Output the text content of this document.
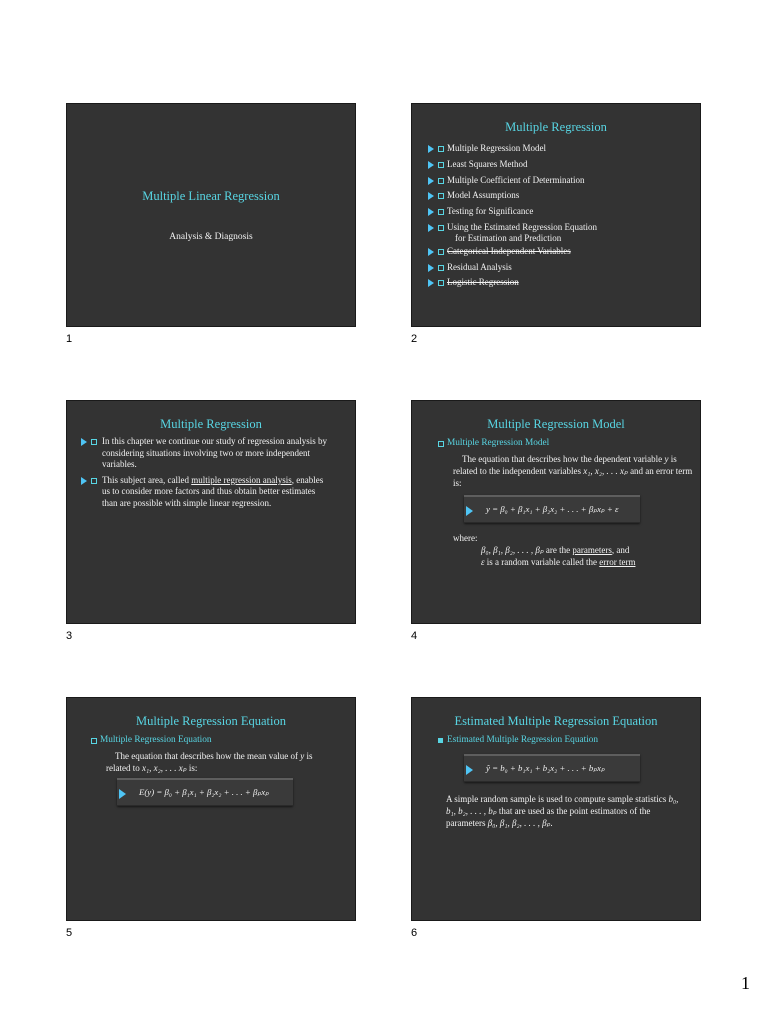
Multiple Linear Regression
Analysis & Diagnosis
1
Multiple Regression
Multiple Regression Model
Least Squares Method
Multiple Coefficient of Determination
Model Assumptions
Testing for Significance
Using the Estimated Regression Equation
for Estimation and Prediction
Categorical Independent Variables
Residual Analysis
Logistic Regression
2
Multiple Regression
In this chapter we continue our study of regression analysis by considering situations involving two or more independent variables.
This subject area, called multiple regression analysis, enables us to consider more factors and thus obtain better estimates than are possible with simple linear regression.
3
Multiple Regression Model
Multiple Regression Model
The equation that describes how the dependent variable y is related to the independent variables x₁, x₂, . . . xₚ and an error term is:
y = β₀ + β₁x₁ + β₂x₂ + . . . + βₚxₚ + ε
where:
β₀, β₁, β₂, . . . , βₚ are the parameters, and
ε is a random variable called the error term
4
Multiple Regression Equation
Multiple Regression Equation
The equation that describes how the mean value of y is related to x₁, x₂, . . . xₚ is:
E(y) = β₀ + β₁x₁ + β₂x₂ + . . . + βₚxₚ
5
Estimated Multiple Regression Equation
Estimated Multiple Regression Equation
ŷ = b₀ + b₁x₁ + b₂x₂ + . . . + bₚxₚ
A simple random sample is used to compute sample statistics b₀, b₁, b₂, . . . , bₚ that are used as the point estimators of the parameters β₀, β₁, β₂, . . . , βₚ.
6
1
